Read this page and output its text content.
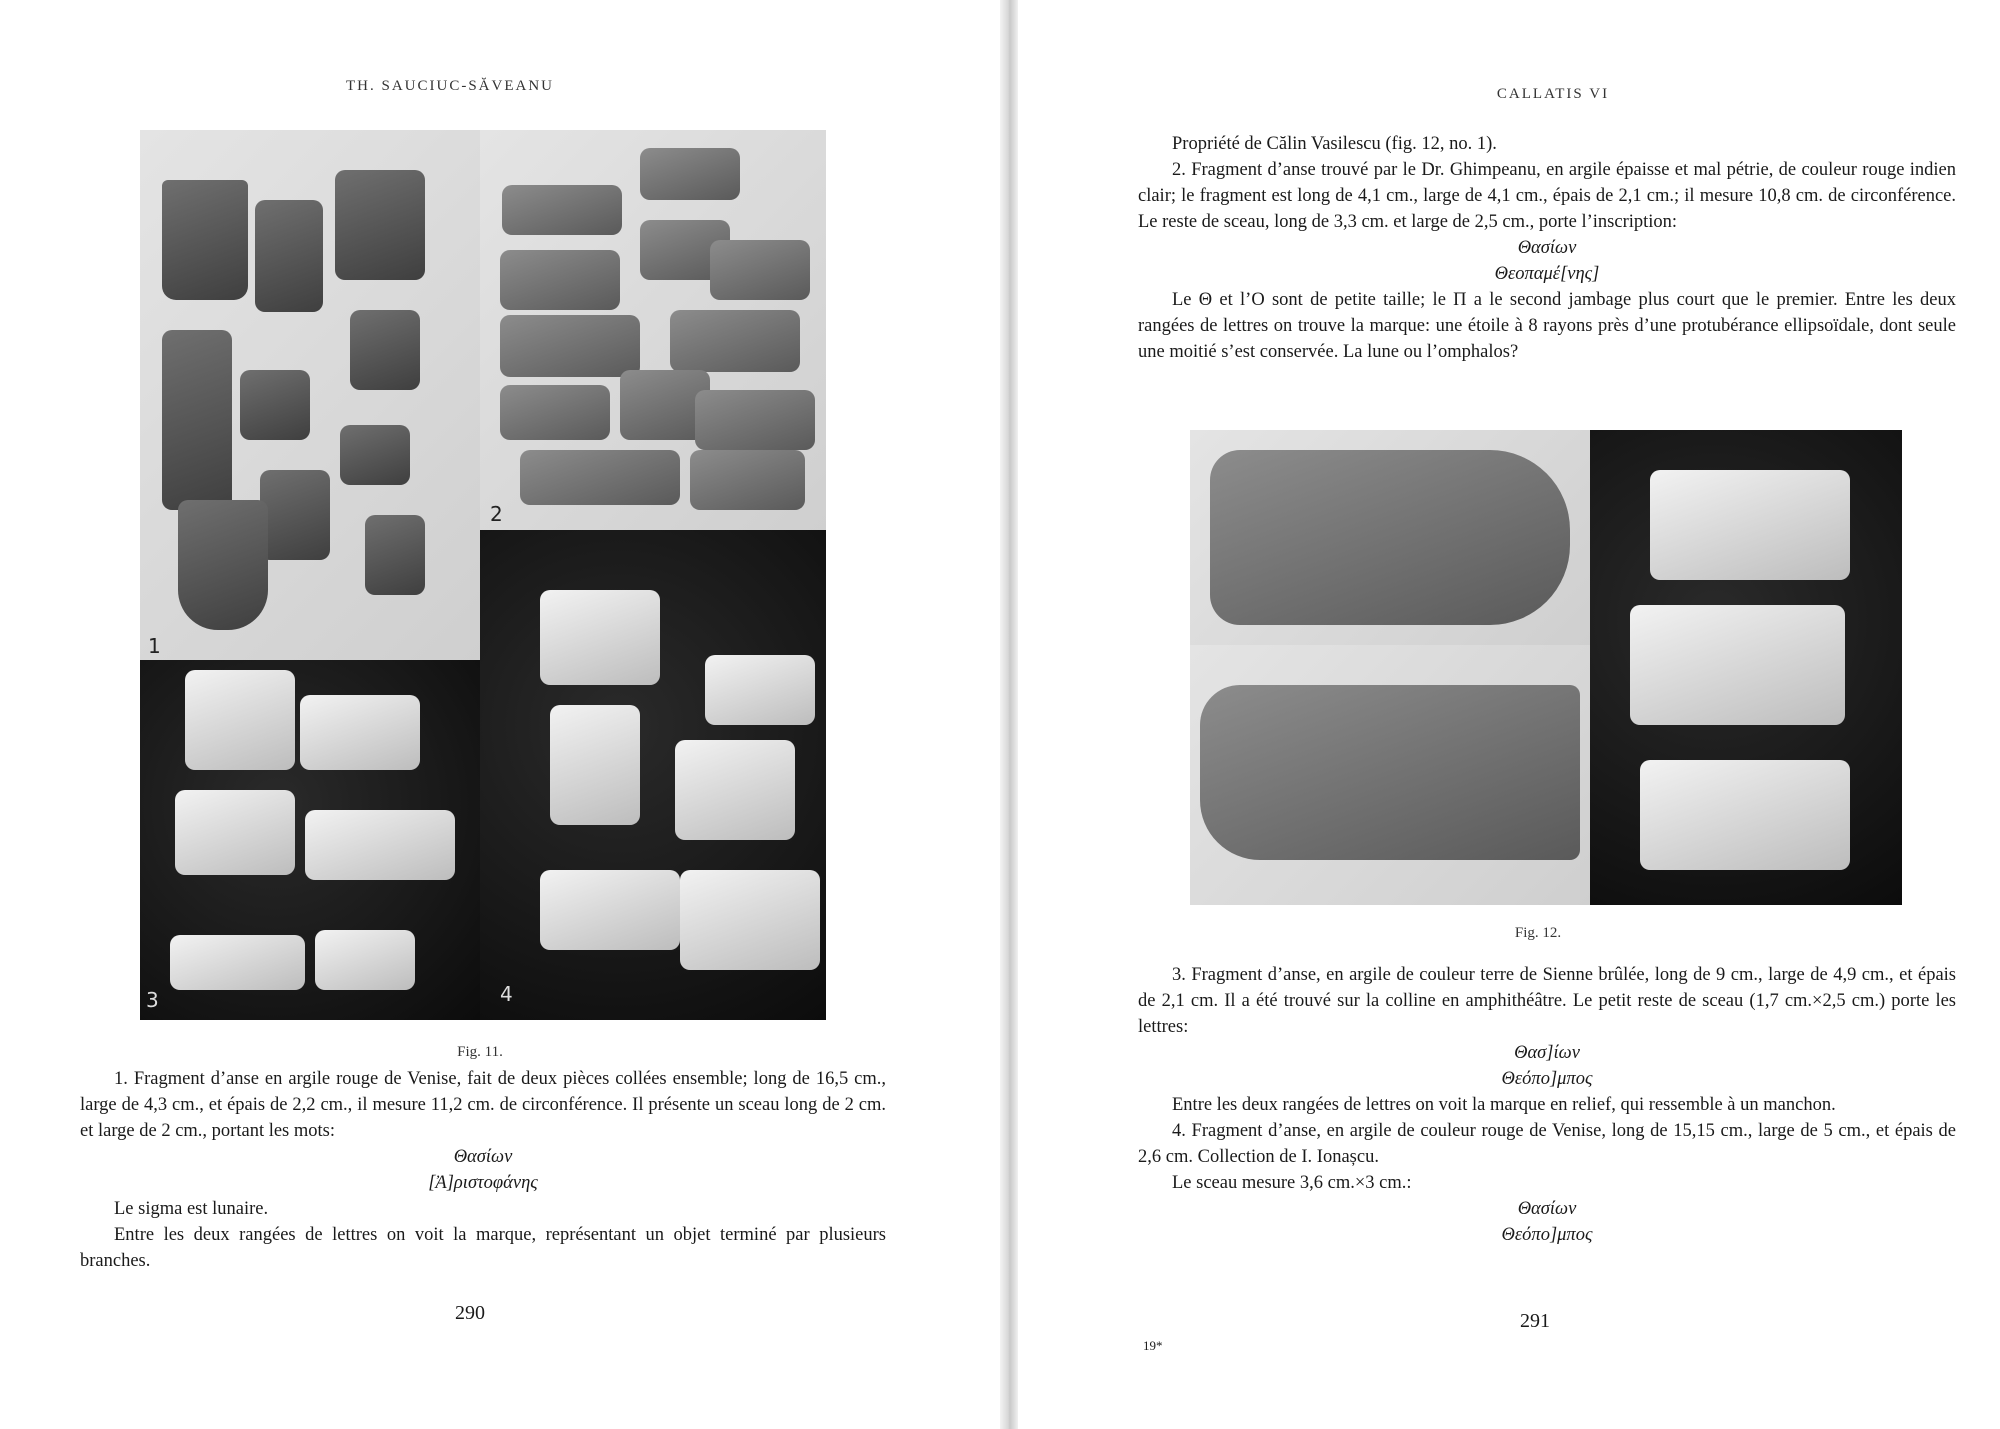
TH. SAUCIUC-SĂVEANU
1
2
3	4
Fig. 11.

1. Fragment d’anse en argile rouge de Venise, fait de deux pièces collées ensemble; long de 16,5 cm., large de 4,3 cm., et épais de 2,2 cm., il mesure 11,2 cm. de circonférence. Il présente un sceau long de 2 cm. et large de 2 cm., portant les mots:

Θασίων

[Ἀ]ριστοφάνης

Le sigma est lunaire.

Entre les deux rangées de lettres on voit la marque, représentant un objet terminé par plusieurs branches.

290
CALLATIS VI

Propriété de Călin Vasilescu (fig. 12, no. 1).

2. Fragment d’anse trouvé par le Dr. Ghimpeanu, en argile épaisse et mal pétrie, de couleur rouge indien clair; le fragment est long de 4,1 cm., large de 4,1 cm., épais de 2,1 cm.; il mesure 10,8 cm. de circonférence. Le reste de sceau, long de 3,3 cm. et large de 2,5 cm., porte l’inscription:

Θασίων

Θεοπαμέ[νης]

Le Θ et l’O sont de petite taille; le Π a le second jambage plus court que le premier. Entre les deux rangées de lettres on trouve la marque: une étoile à 8 rayons près d’une protubérance ellipsoïdale, dont seule une moitié s’est conservée. La lune ou l’omphalos?

Fig. 12.

3. Fragment d’anse, en argile de couleur terre de Sienne brûlée, long de 9 cm., large de 4,9 cm., et épais de 2,1 cm. Il a été trouvé sur la colline en amphithéâtre. Le petit reste de sceau (1,7 cm.×2,5 cm.) porte les lettres:

Θασ]ίων

Θεόπο]μπος

Entre les deux rangées de lettres on voit la marque en relief, qui ressemble à un manchon.

4. Fragment d’anse, en argile de couleur rouge de Venise, long de 15,15 cm., large de 5 cm., et épais de 2,6 cm. Collection de I. Ionașcu.

Le sceau mesure 3,6 cm.×3 cm.:

Θασίων

Θεόπο]μπος

19*
291
